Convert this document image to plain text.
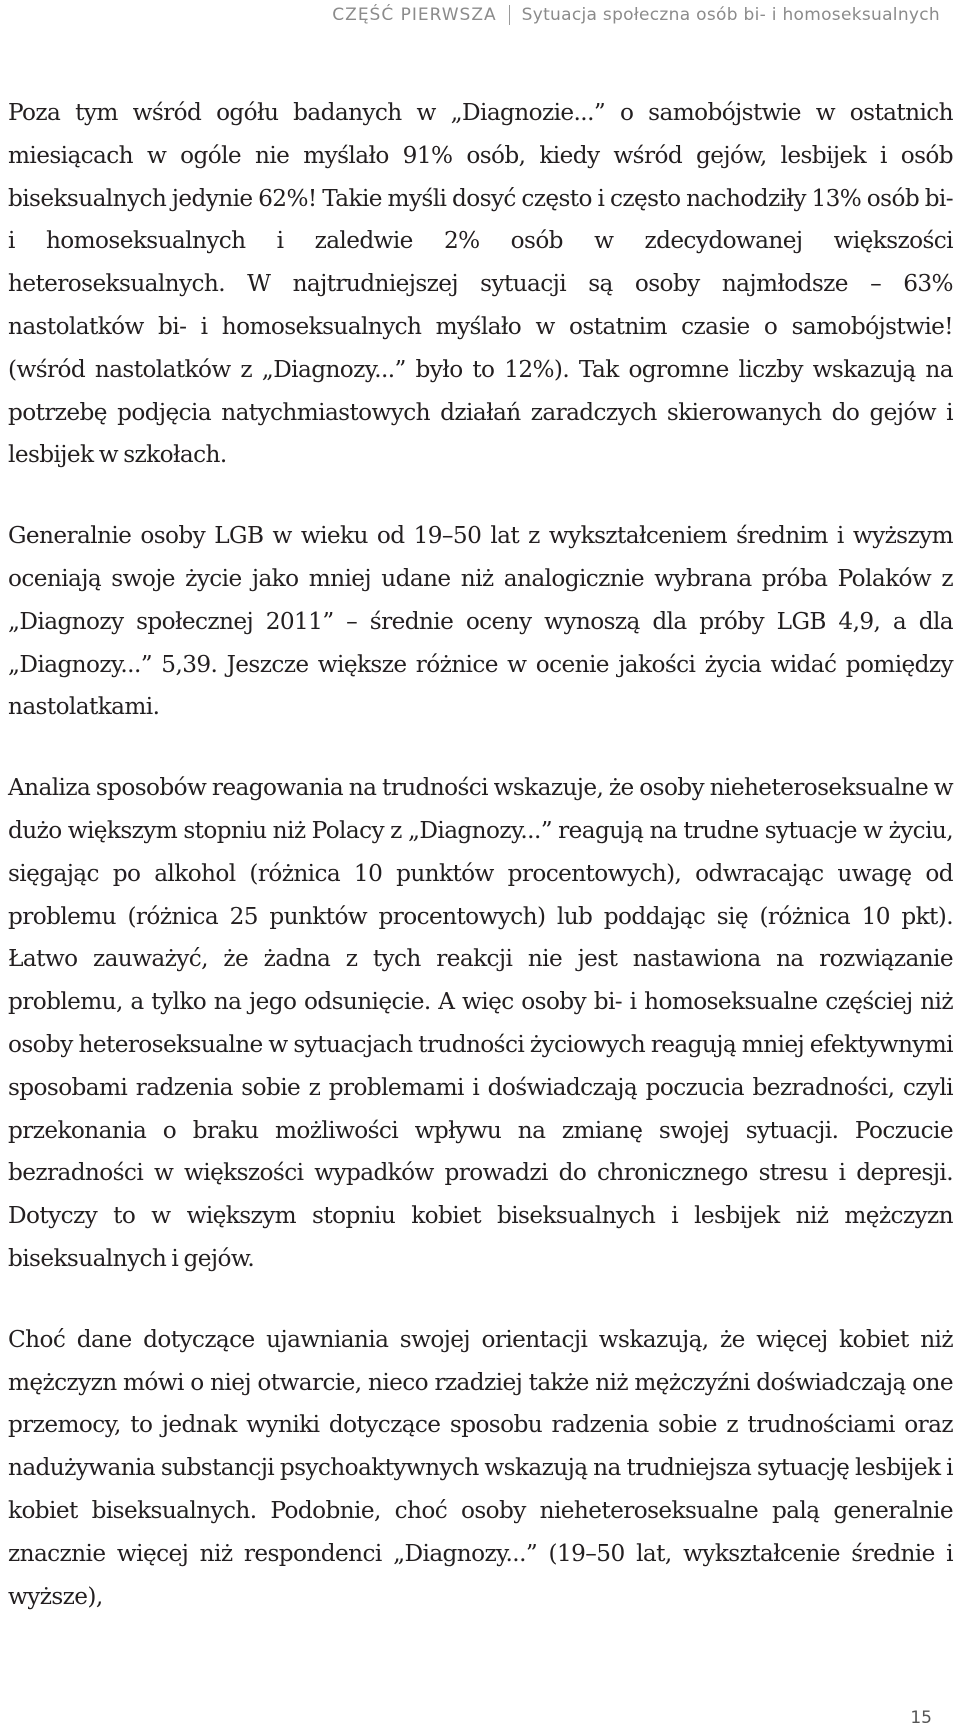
CZĘŚĆ PIERWSZA Sytuacja społeczna osób bi- i homoseksualnych

Poza tym wśród ogółu badanych w „Diagnozie...” o samobójstwie w ostatnich miesiącach w ogóle nie myślało 91% osób, kiedy wśród gejów, lesbijek i osób biseksualnych jedynie 62%! Takie myśli dosyć często i często nachodziły 13% osób bi- i homoseksualnych i zaledwie 2% osób w zdecydowanej większości heteroseksualnych. W najtrudniejszej sytuacji są osoby najmłodsze – 63% nastolatków bi- i homoseksualnych myślało w ostatnim czasie o samobójstwie! (wśród nastolatków z „Diagnozy...” było to 12%). Tak ogromne liczby wskazują na potrzebę podjęcia natychmiastowych działań zaradczych skierowanych do gejów i lesbijek w szkołach.

Generalnie osoby LGB w wieku od 19–50 lat z wykształceniem średnim i wyższym oceniają swoje życie jako mniej udane niż analogicznie wybrana próba Polaków z „Diagnozy społecznej 2011” – średnie oceny wynoszą dla próby LGB 4,9, a dla „Diagnozy...” 5,39. Jeszcze większe różnice w ocenie jakości życia widać pomiędzy nastolatkami.

Analiza sposobów reagowania na trudności wskazuje, że osoby nieheteroseksualne w dużo większym stopniu niż Polacy z „Diagnozy...” reagują na trudne sytuacje w życiu, sięgając po alkohol (różnica 10 punktów procentowych), odwracając uwagę od problemu (różnica 25 punktów procentowych) lub poddając się (różnica 10 pkt). Łatwo zauważyć, że żadna z tych reakcji nie jest nastawiona na rozwiązanie problemu, a tylko na jego odsunięcie. A więc osoby bi- i homoseksualne częściej niż osoby heteroseksualne w sytuacjach trudności życiowych reagują mniej efektywnymi sposobami radzenia sobie z problemami i doświadczają poczucia bezradności, czyli przekonania o braku możliwości wpływu na zmianę swojej sytuacji. Poczucie bezradności w większości wypadków prowadzi do chronicznego stresu i depresji. Dotyczy to w większym stopniu kobiet biseksualnych i lesbijek niż mężczyzn biseksualnych i gejów.

Choć dane dotyczące ujawniania swojej orientacji wskazują, że więcej kobiet niż mężczyzn mówi o niej otwarcie, nieco rzadziej także niż mężczyźni doświadczają one przemocy, to jednak wyniki dotyczące sposobu radzenia sobie z trudnościami oraz nadużywania substancji psychoaktywnych wskazują na trudniejsza sytuację lesbijek i kobiet biseksualnych. Podobnie, choć osoby nieheteroseksualne palą generalnie znacznie więcej niż respondenci „Diagnozy...” (19–50 lat, wykształcenie średnie i wyższe),

15
